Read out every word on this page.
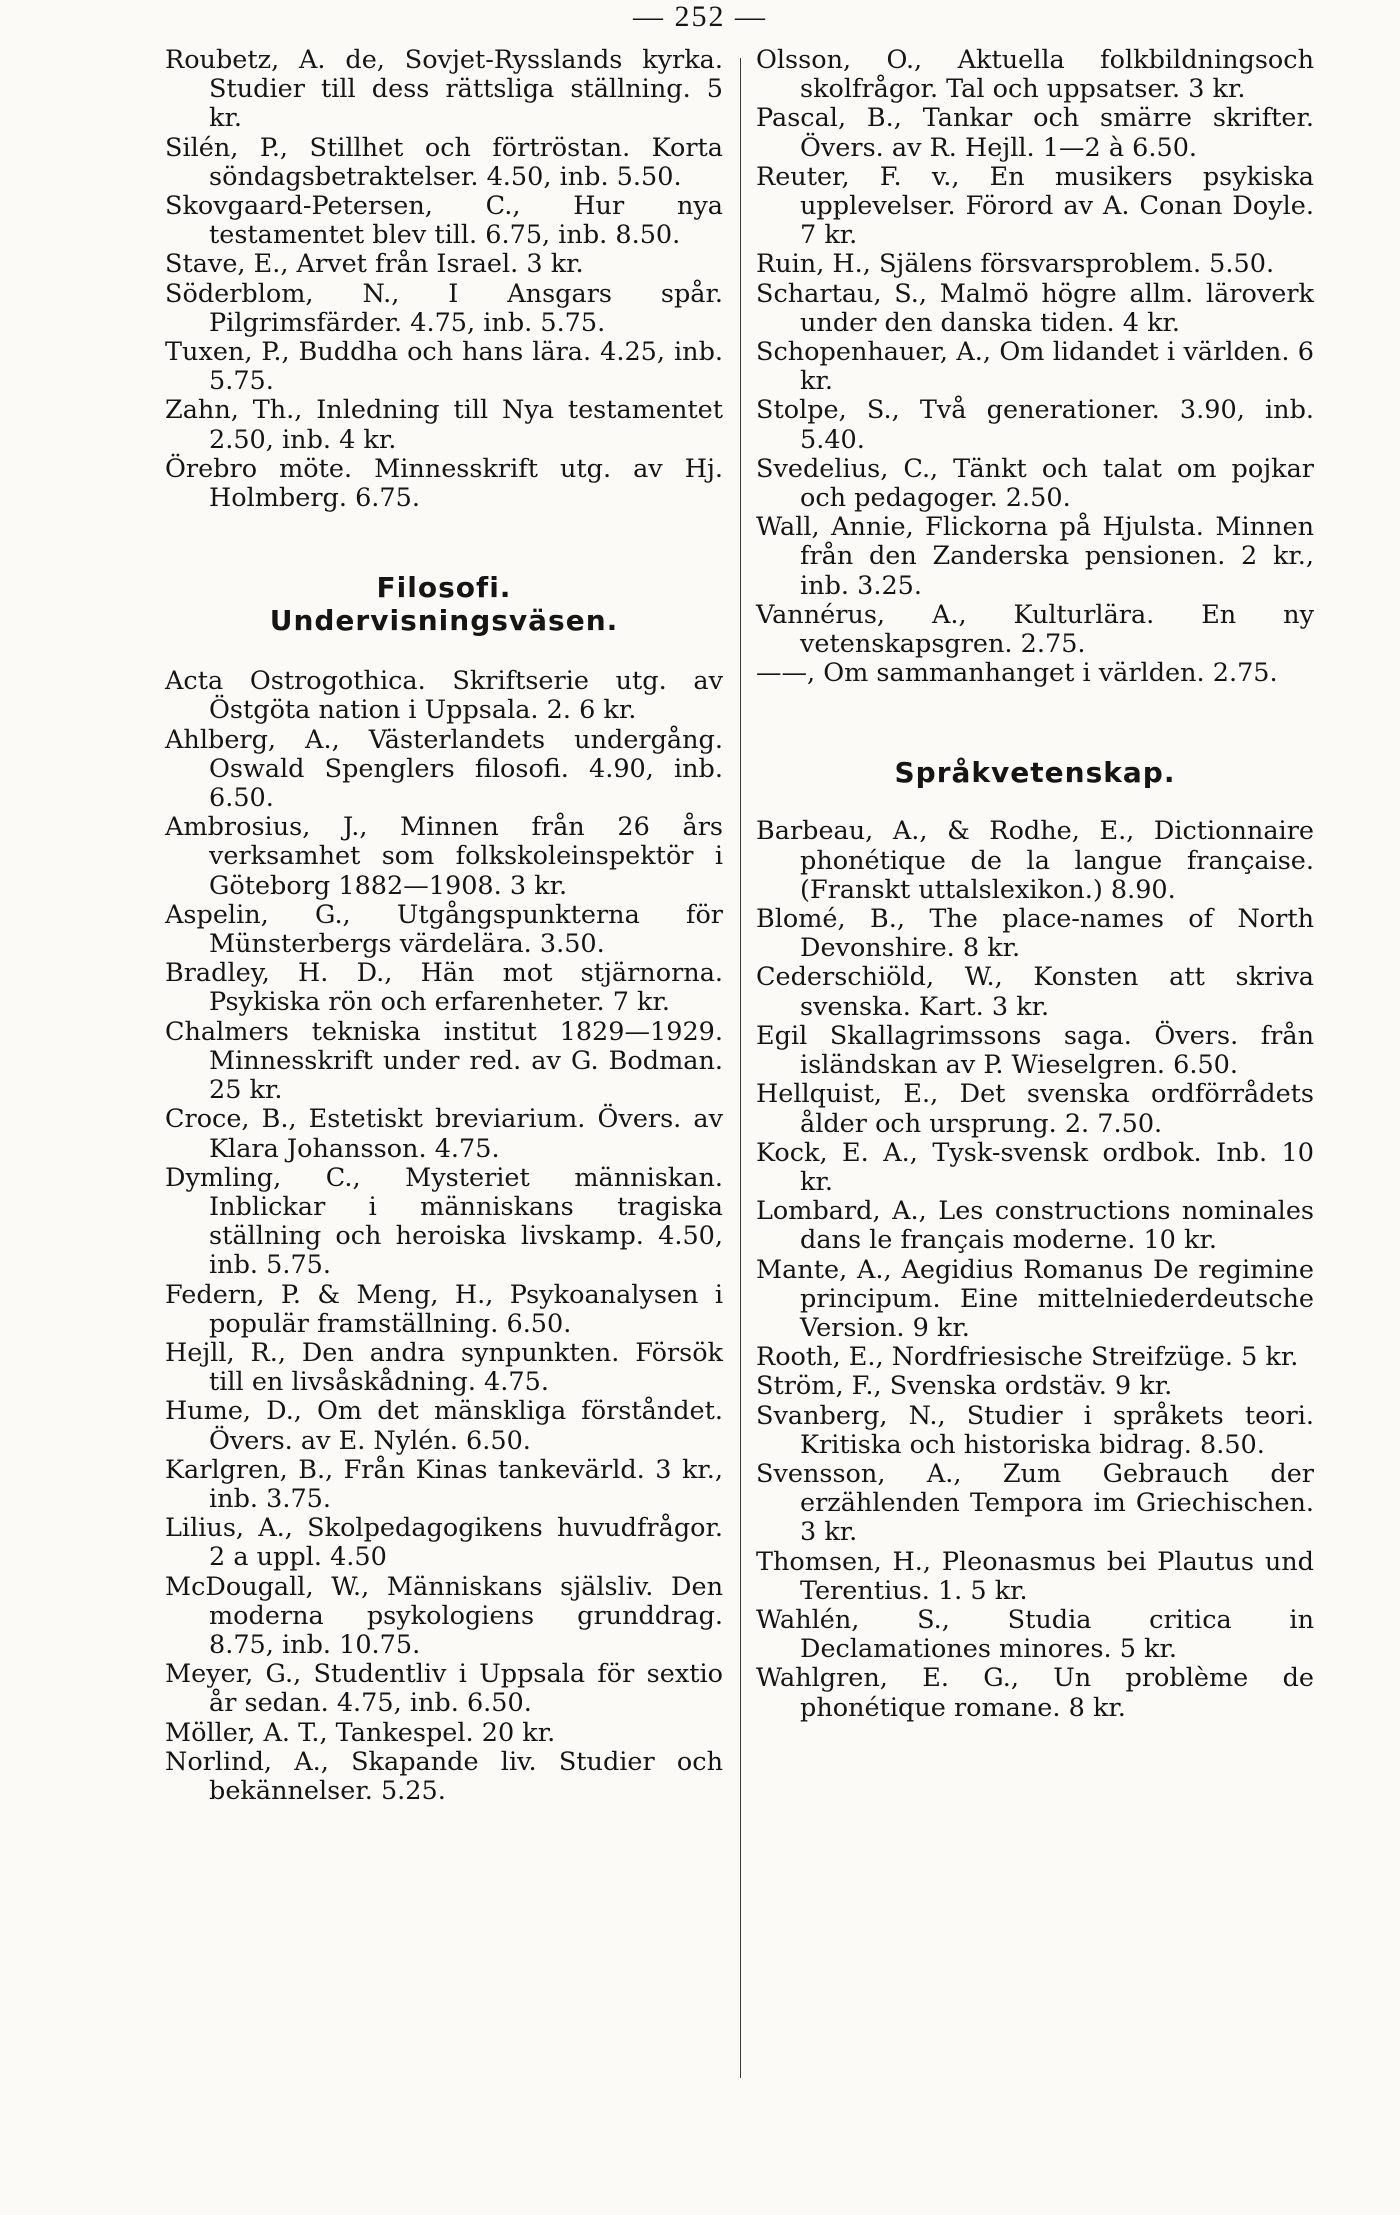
— 252 —

Roubetz, A. de, Sovjet-Rysslands kyrka. Studier till dess rättsliga ställning. 5 kr.

Silén, P., Stillhet och förtröstan. Korta söndagsbetraktelser. 4.50, inb. 5.50.

Skovgaard-Petersen, C., Hur nya testamentet blev till. 6.75, inb. 8.50.

Stave, E., Arvet från Israel. 3 kr.

Söderblom, N., I Ansgars spår. Pilgrimsfärder. 4.75, inb. 5.75.

Tuxen, P., Buddha och hans lära. 4.25, inb. 5.75.

Zahn, Th., Inledning till Nya testamentet 2.50, inb. 4 kr.

Örebro möte. Minnesskrift utg. av Hj. Holmberg. 6.75.

Filosofi. Undervisningsväsen.

Acta Ostrogothica. Skriftserie utg. av Östgöta nation i Uppsala. 2. 6 kr.

Ahlberg, A., Västerlandets undergång. Oswald Spenglers filosofi. 4.90, inb. 6.50.

Ambrosius, J., Minnen från 26 års verksamhet som folkskoleinspektör i Göteborg 1882—1908. 3 kr.

Aspelin, G., Utgångspunkterna för Münsterbergs värdelära. 3.50.

Bradley, H. D., Hän mot stjärnorna. Psykiska rön och erfarenheter. 7 kr.

Chalmers tekniska institut 1829—1929. Minnesskrift under red. av G. Bodman. 25 kr.

Croce, B., Estetiskt breviarium. Övers. av Klara Johansson. 4.75.

Dymling, C., Mysteriet människan. Inblickar i människans tragiska ställning och heroiska livskamp. 4.50, inb. 5.75.

Federn, P. & Meng, H., Psykoanalysen i populär framställning. 6.50.

Hejll, R., Den andra synpunkten. Försök till en livsåskådning. 4.75.

Hume, D., Om det mänskliga förståndet. Övers. av E. Nylén. 6.50.

Karlgren, B., Från Kinas tankevärld. 3 kr., inb. 3.75.

Lilius, A., Skolpedagogikens huvudfrågor. 2 a uppl. 4.50

McDougall, W., Människans själsliv. Den moderna psykologiens grunddrag. 8.75, inb. 10.75.

Meyer, G., Studentliv i Uppsala för sextio år sedan. 4.75, inb. 6.50.

Möller, A. T., Tankespel. 20 kr.

Norlind, A., Skapande liv. Studier och bekännelser. 5.25.

Olsson, O., Aktuella folkbildningsoch skolfrågor. Tal och uppsatser. 3 kr.

Pascal, B., Tankar och smärre skrifter. Övers. av R. Hejll. 1—2 à 6.50.

Reuter, F. v., En musikers psykiska upplevelser. Förord av A. Conan Doyle. 7 kr.

Ruin, H., Själens försvarsproblem. 5.50.

Schartau, S., Malmö högre allm. läroverk under den danska tiden. 4 kr.

Schopenhauer, A., Om lidandet i världen. 6 kr.

Stolpe, S., Två generationer. 3.90, inb. 5.40.

Svedelius, C., Tänkt och talat om pojkar och pedagoger. 2.50.

Wall, Annie, Flickorna på Hjulsta. Minnen från den Zanderska pensionen. 2 kr., inb. 3.25.

Vannérus, A., Kulturlära. En ny vetenskapsgren. 2.75.

——, Om sammanhanget i världen. 2.75.

Språkvetenskap.

Barbeau, A., & Rodhe, E., Dictionnaire phonétique de la langue française. (Franskt uttalslexikon.) 8.90.

Blomé, B., The place-names of North Devonshire. 8 kr.

Cederschiöld, W., Konsten att skriva svenska. Kart. 3 kr.

Egil Skallagrimssons saga. Övers. från isländskan av P. Wieselgren. 6.50.

Hellquist, E., Det svenska ordförrådets ålder och ursprung. 2. 7.50.

Kock, E. A., Tysk-svensk ordbok. Inb. 10 kr.

Lombard, A., Les constructions nominales dans le français moderne. 10 kr.

Mante, A., Aegidius Romanus De regimine principum. Eine mittelniederdeutsche Version. 9 kr.

Rooth, E., Nordfriesische Streifzüge. 5 kr.

Ström, F., Svenska ordstäv. 9 kr.

Svanberg, N., Studier i språkets teori. Kritiska och historiska bidrag. 8.50.

Svensson, A., Zum Gebrauch der erzählenden Tempora im Griechischen. 3 kr.

Thomsen, H., Pleonasmus bei Plautus und Terentius. 1. 5 kr.

Wahlén, S., Studia critica in Declamationes minores. 5 kr.

Wahlgren, E. G., Un problème de phonétique romane. 8 kr.
